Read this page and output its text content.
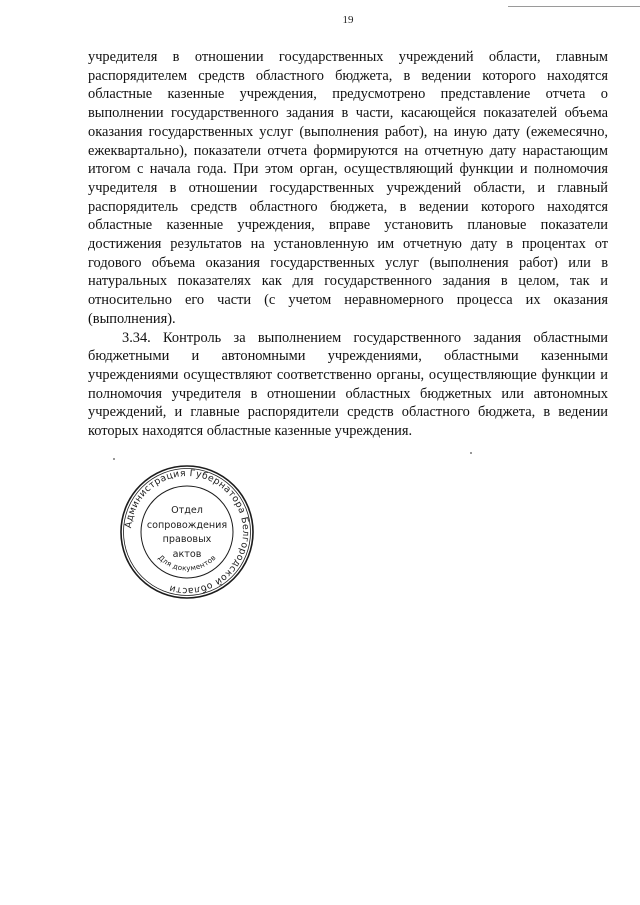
19

учредителя в отношении государственных учреждений области, главным распорядителем средств областного бюджета, в ведении которого находятся областные казенные учреждения, предусмотрено представление отчета о выполнении государственного задания в части, касающейся показателей объема оказания государственных услуг (выполнения работ), на иную дату (ежемесячно, ежеквартально), показатели отчета формируются на отчетную дату нарастающим итогом с начала года. При этом орган, осуществляющий функции и полномочия учредителя в отношении государственных учреждений области, и главный распорядитель средств областного бюджета, в ведении которого находятся областные казенные учреждения, вправе установить плановые показатели достижения результатов на установленную им отчетную дату в процентах от годового объема оказания государственных услуг (выполнения работ) или в натуральных показателях как для государственного задания в целом, так и относительно его части (с учетом неравномерного процесса их оказания (выполнения).

3.34. Контроль за выполнением государственного задания областными бюджетными и автономными учреждениями, областными казенными учреждениями осуществляют соответственно органы, осуществляющие функции и полномочия учредителя в отношении областных бюджетных или автономных учреждений, и главные распорядители средств областного бюджета, в ведении которых находятся областные казенные учреждения.

Администрация Губернатора Белгородской области
Для документов
Отдел
сопровождения
правовых
актов
